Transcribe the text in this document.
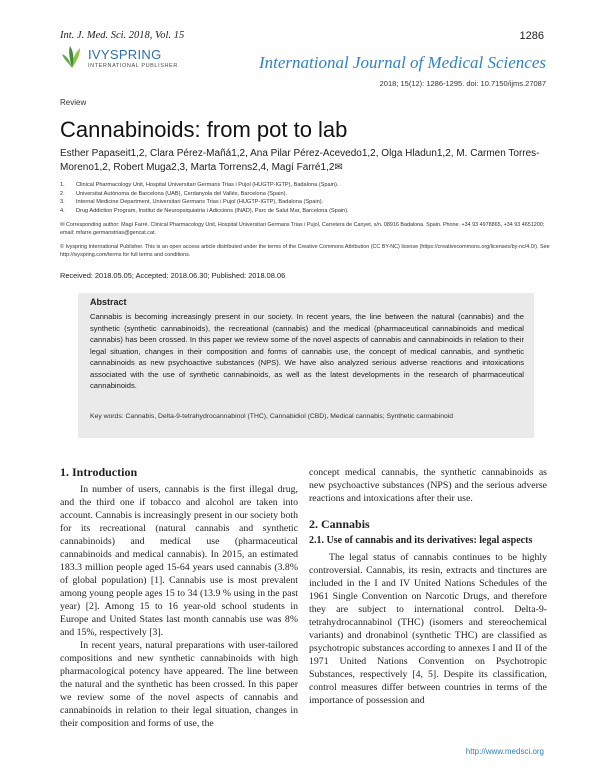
Int. J. Med. Sci. 2018, Vol. 15	1286
IVYSPRING
INTERNATIONAL PUBLISHER	International Journal of Medical Sciences
2018; 15(12): 1286-1295. doi: 10.7150/ijms.27087
Review
Cannabinoids: from pot to lab
Esther Papaseit1,2, Clara Pérez-Mañá1,2, Ana Pilar Pérez-Acevedo1,2, Olga Hladun1,2, M. Carmen Torres-Moreno1,2, Robert Muga2,3, Marta Torrens2,4, Magí Farré1,2✉
1. Clinical Pharmacology Unit, Hospital Universitari Germans Trias i Pujol (HUGTP-IGTP), Badalona (Spain).
2. Universitat Autònoma de Barcelona (UAB), Cerdanyola del Vallés, Barcelona (Spain).
3. Internal Medicine Department, Universitari Germans Trias i Pujol (HUGTP-IGTP), Badalona (Spain).
4. Drug Addiction Program, Institut de Neuropsiquiatria i Adiccions (INAD), Parc de Salut Mar, Barcelona (Spain).
✉ Corresponding author: Magí Farré. Clinical Pharmacology Unit, Hospital Universitari Germans Trias i Pujol, Carretera de Canyet, s/n. 08916 Badalona. Spain. Phone. +34 93 4978865, +34 93 4651200; email: mfarre.germanstrias@gencat.cat.
© Ivyspring International Publisher. This is an open access article distributed under the terms of the Creative Commons Attribution (CC BY-NC) license (https://creativecommons.org/licenses/by-nc/4.0/). See http://ivyspring.com/terms for full terms and conditions.
Received: 2018.05.05; Accepted: 2018.06.30; Published: 2018.08.06
Abstract
Cannabis is becoming increasingly present in our society. In recent years, the line between the natural (cannabis) and the synthetic (synthetic cannabinoids), the recreational (cannabis) and the medical (pharmaceutical cannabinoids and medical cannabis) has been crossed. In this paper we review some of the novel aspects of cannabis and cannabinoids in relation to their legal situation, changes in their composition and forms of cannabis use, the concept of medical cannabis, and synthetic cannabinoids as new psychoactive substances (NPS). We have also analyzed serious adverse reactions and intoxications associated with the use of synthetic cannabinoids, as well as the latest developments in the research of pharmaceutical cannabinoids.
Key words: Cannabis, Delta-9-tetrahydrocannabinol (THC), Cannabidiol (CBD), Medical cannabis; Synthetic cannabinoid
1. Introduction

In number of users, cannabis is the first illegal drug, and the third one if tobacco and alcohol are taken into account. Cannabis is increasingly present in our society both for its recreational (natural cannabis and synthetic cannabinoids) and medical use (pharmaceutical cannabinoids and medical cannabis). In 2015, an estimated 183.3 million people aged 15-64 years used cannabis (3.8% of global population) [1]. Cannabis use is most prevalent among young people ages 15 to 34 (13.9 % using in the past year) [2]. Among 15 to 16 year-old school students in Europe and United States last month cannabis use was 8% and 15%, respectively [3].

In recent years, natural preparations with user-tailored compositions and new synthetic cannabinoids with high pharmacological potency have appeared. The line between the natural and the synthetic has been crossed. In this paper we review some of the novel aspects of cannabis and cannabinoids in relation to their legal situation, changes in their composition and forms of use, the

concept medical cannabis, the synthetic cannabinoids as new psychoactive substances (NPS) and the serious adverse reactions and intoxications after their use.

2. Cannabis
2.1. Use of cannabis and its derivatives: legal aspects

The legal status of cannabis continues to be highly controversial. Cannabis, its resin, extracts and tinctures are included in the I and IV United Nations Schedules of the 1961 Single Convention on Narcotic Drugs, and therefore they are subject to international control. Delta-9-tetrahydrocannabinol (THC) (isomers and stereochemical variants) and dronabinol (synthetic THC) are classified as psychotropic substances according to annexes I and II of the 1971 United Nations Convention on Psychotropic Substances, respectively [4, 5]. Despite its classification, control measures differ between countries in terms of the importance of possession and

http://www.medsci.org
